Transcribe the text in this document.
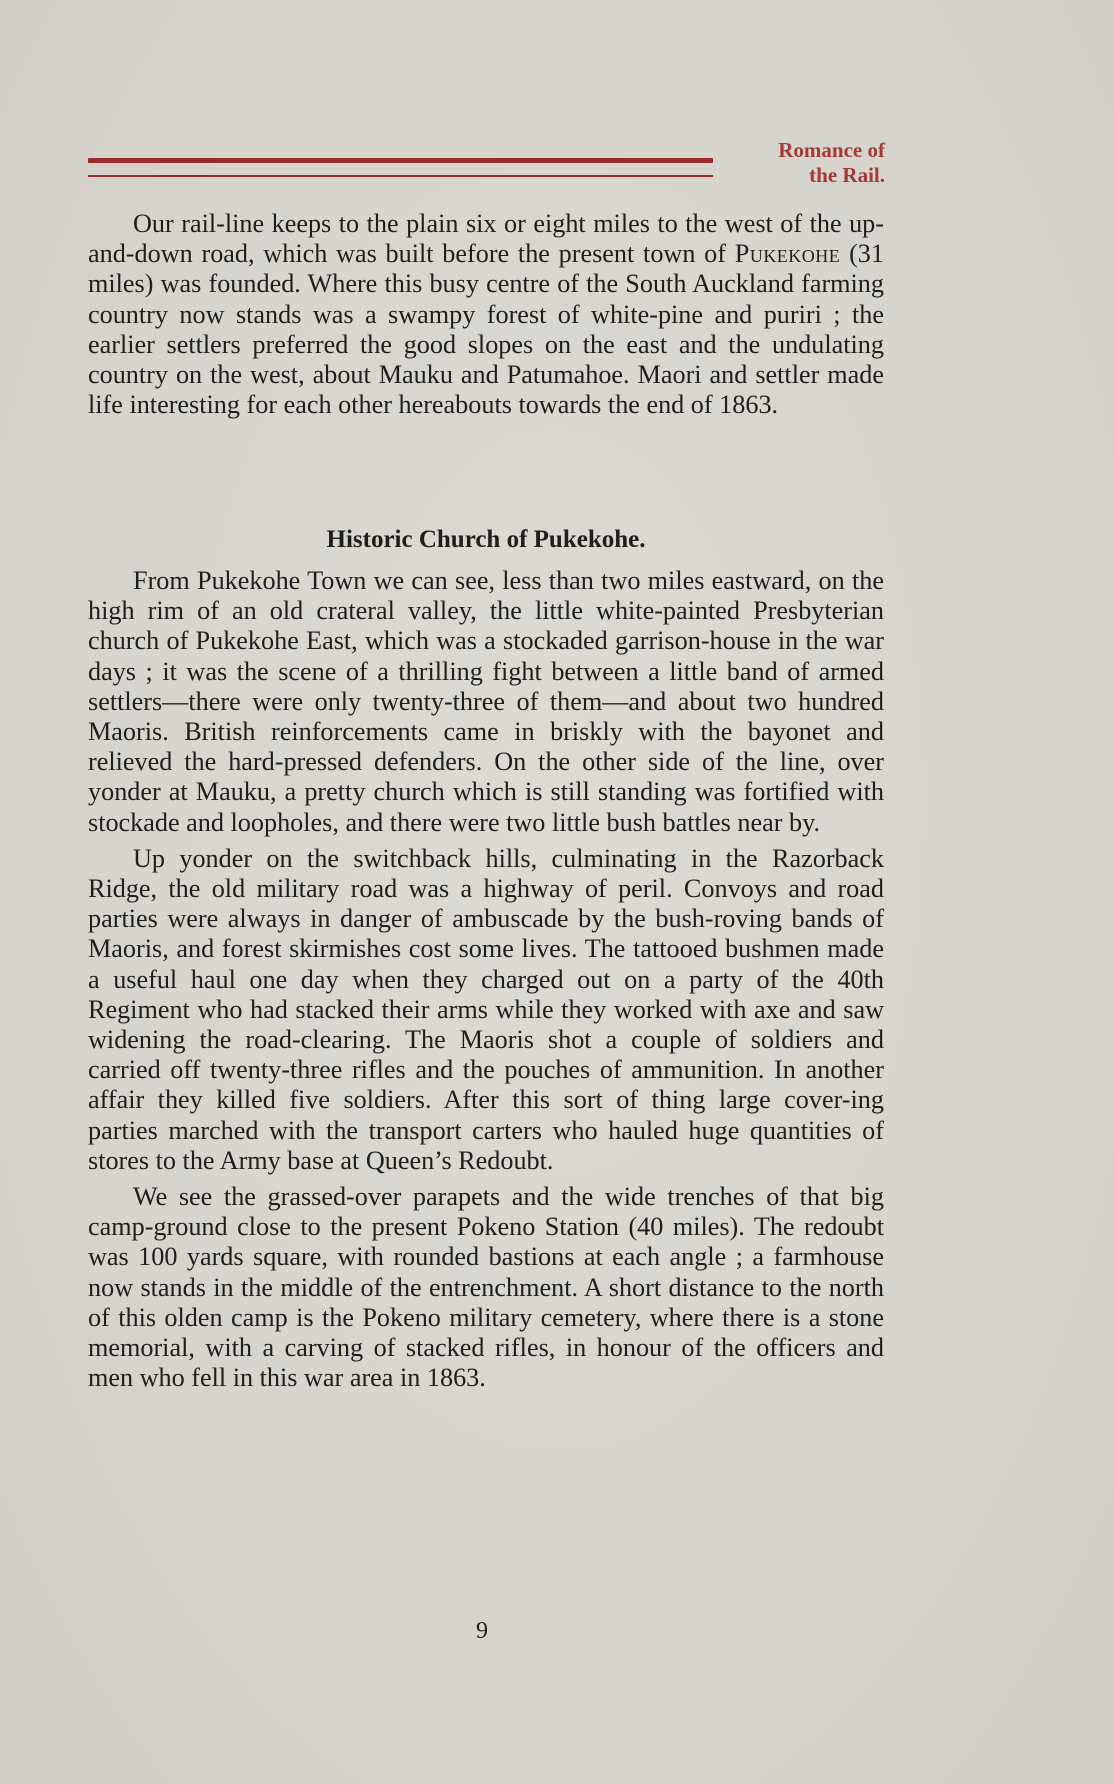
Romance of
the Rail.

Our rail-line keeps to the plain six or eight miles to the west of the up-and-down road, which was built before the present town of Pukekohe (31 miles) was founded. Where this busy centre of the South Auckland farming country now stands was a swampy forest of white-pine and puriri ; the earlier settlers preferred the good slopes on the east and the undulating country on the west, about Mauku and Patumahoe. Maori and settler made life interesting for each other hereabouts towards the end of 1863.

Historic Church of Pukekohe.

From Pukekohe Town we can see, less than two miles eastward, on the high rim of an old crateral valley, the little white-painted Presbyterian church of Pukekohe East, which was a stockaded garrison-house in the war days ; it was the scene of a thrilling fight between a little band of armed settlers—there were only twenty-three of them—and about two hundred Maoris. British reinforcements came in briskly with the bayonet and relieved the hard-pressed defenders. On the other side of the line, over yonder at Mauku, a pretty church which is still standing was fortified with stockade and loopholes, and there were two little bush battles near by.

Up yonder on the switchback hills, culminating in the Razorback Ridge, the old military road was a highway of peril. Convoys and road parties were always in danger of ambuscade by the bush-roving bands of Maoris, and forest skirmishes cost some lives. The tattooed bushmen made a useful haul one day when they charged out on a party of the 40th Regiment who had stacked their arms while they worked with axe and saw widening the road-clearing. The Maoris shot a couple of soldiers and carried off twenty-three rifles and the pouches of ammunition. In another affair they killed five soldiers. After this sort of thing large cover-ing parties marched with the transport carters who hauled huge quantities of stores to the Army base at Queen’s Redoubt.

We see the grassed-over parapets and the wide trenches of that big camp-ground close to the present Pokeno Station (40 miles). The redoubt was 100 yards square, with rounded bastions at each angle ; a farmhouse now stands in the middle of the entrenchment. A short distance to the north of this olden camp is the Pokeno military cemetery, where there is a stone memorial, with a carving of stacked rifles, in honour of the officers and men who fell in this war area in 1863.

9
